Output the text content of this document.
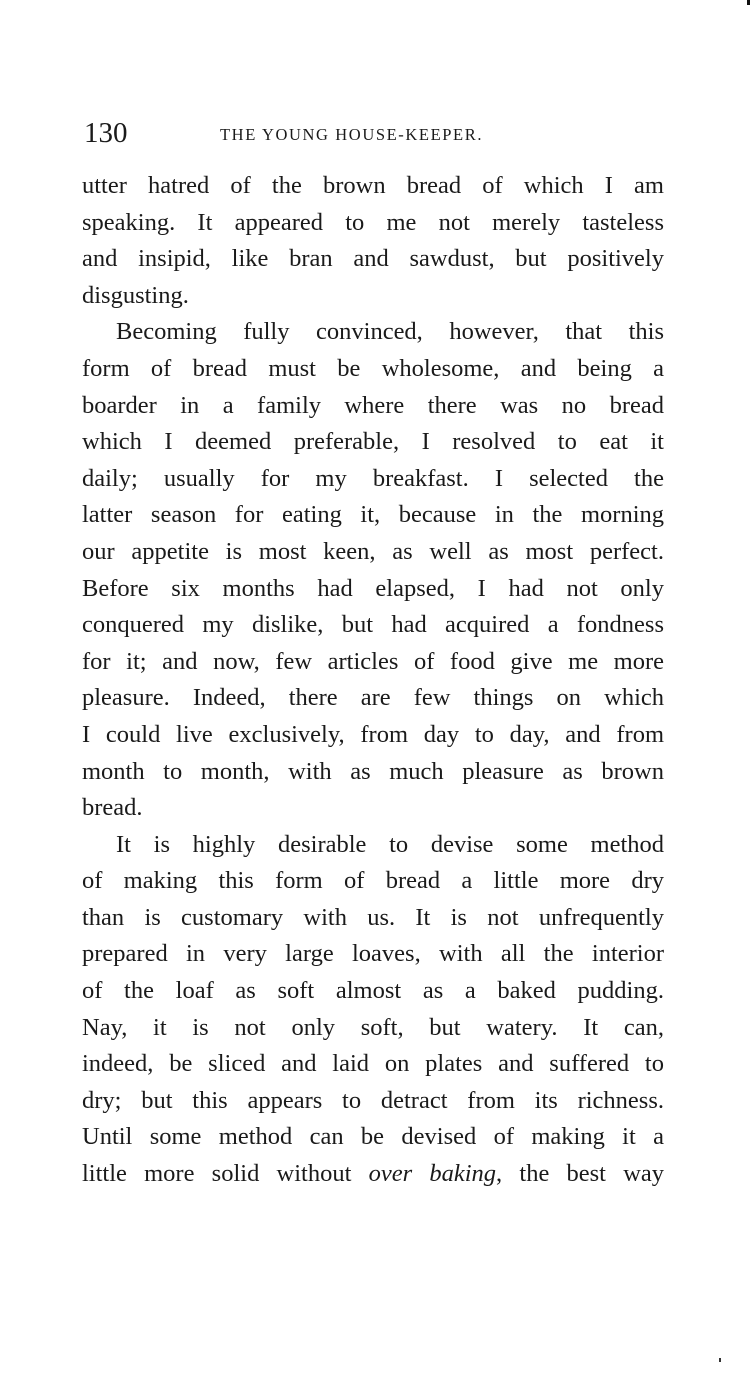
130	THE YOUNG HOUSE-KEEPER.
utter hatred of the brown bread of which I am
speaking. It appeared to me not merely tasteless
and insipid, like bran and sawdust, but positively
disgusting.
Becoming fully convinced, however, that this
form of bread must be wholesome, and being a
boarder in a family where there was no bread
which I deemed preferable, I resolved to eat it
daily; usually for my breakfast. I selected the
latter season for eating it, because in the morning
our appetite is most keen, as well as most perfect.
Before six months had elapsed, I had not only
conquered my dislike, but had acquired a fondness
for it; and now, few articles of food give me more
pleasure. Indeed, there are few things on which
I could live exclusively, from day to day, and from
month to month, with as much pleasure as brown
bread.
It is highly desirable to devise some method
of making this form of bread a little more dry
than is customary with us. It is not unfrequently
prepared in very large loaves, with all the interior
of the loaf as soft almost as a baked pudding.
Nay, it is not only soft, but watery. It can,
indeed, be sliced and laid on plates and suffered to
dry; but this appears to detract from its richness.
Until some method can be devised of making it a
little more solid without over baking, the best way
